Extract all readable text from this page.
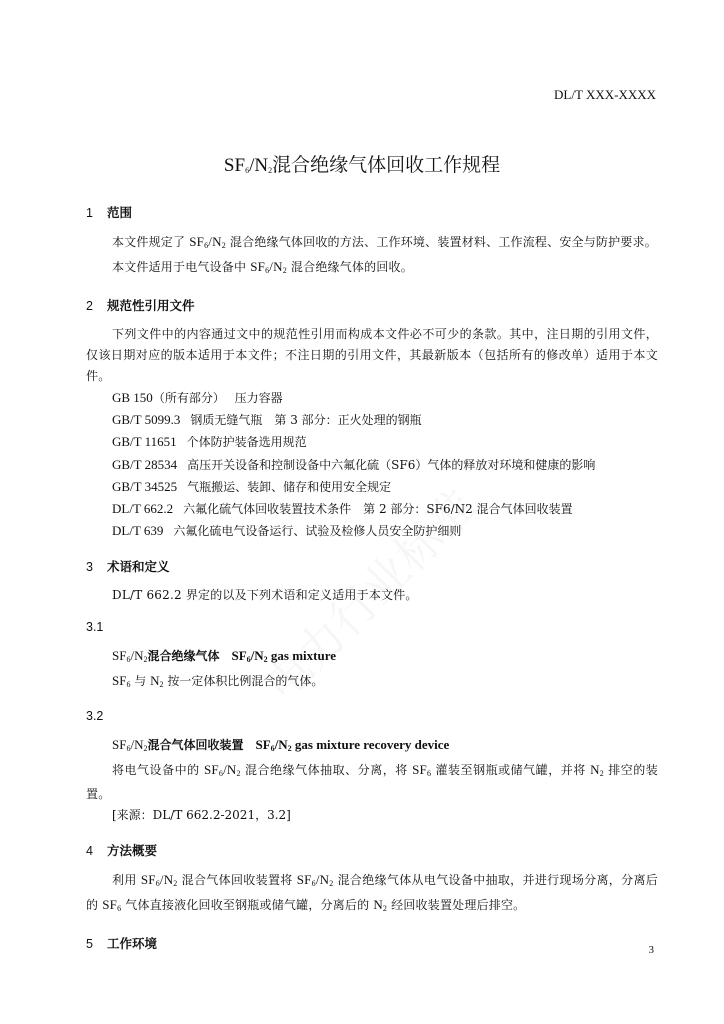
DL/T XXX-XXXX
$SF_6/N_2$混合绝缘气体回收工作规程
1 范围

本文件规定了 $SF_6/N_2$ 混合绝缘气体回收的方法、工作环境、装置材料、工作流程、安全与防护要求。

本文件适用于电气设备中 $SF_6/N_2$ 混合绝缘气体的回收。

2 规范性引用文件

下列文件中的内容通过文中的规范性引用而构成本文件必不可少的条款。其中，注日期的引用文件，仅该日期对应的版本适用于本文件；不注日期的引用文件，其最新版本（包括所有的修改单）适用于本文件。

GB 150（所有部分）　 压力容器

GB/T 5099.3 钢质无缝气瓶　第 3 部分：正火处理的钢瓶

GB/T 11651 个体防护装备选用规范

GB/T 28534 高压开关设备和控制设备中六氟化硫（SF6）气体的释放对环境和健康的影响

GB/T 34525 气瓶搬运、装卸、储存和使用安全规定

DL/T 662.2 六氟化硫气体回收装置技术条件　第 2 部分：SF6/N2 混合气体回收装置

DL/T 639 六氟化硫电气设备运行、试验及检修人员安全防护细则

3 术语和定义

DL/T 662.2 界定的以及下列术语和定义适用于本文件。

3.1

$SF_6/N_2$混合绝缘气体 $SF_6/N_2$ gas mixture

$SF_6$ 与 $N_2$ 按一定体积比例混合的气体。

3.2

$SF_6/N_2$混合气体回收装置 $SF_6/N_2$ gas mixture recovery device

将电气设备中的 $SF_6/N_2$ 混合绝缘气体抽取、分离，将 $SF_6$ 灌装至钢瓶或储气罐，并将 $N_2$ 排空的装置。

[来源：DL/T 662.2-2021，3.2]

4 方法概要

利用 $SF_6/N_2$ 混合气体回收装置将 $SF_6/N_2$ 混合绝缘气体从电气设备中抽取，并进行现场分离，分离后的 $SF_6$ 气体直接液化回收至钢瓶或储气罐，分离后的 $N_2$ 经回收装置处理后排空。

5 工作环境	3
